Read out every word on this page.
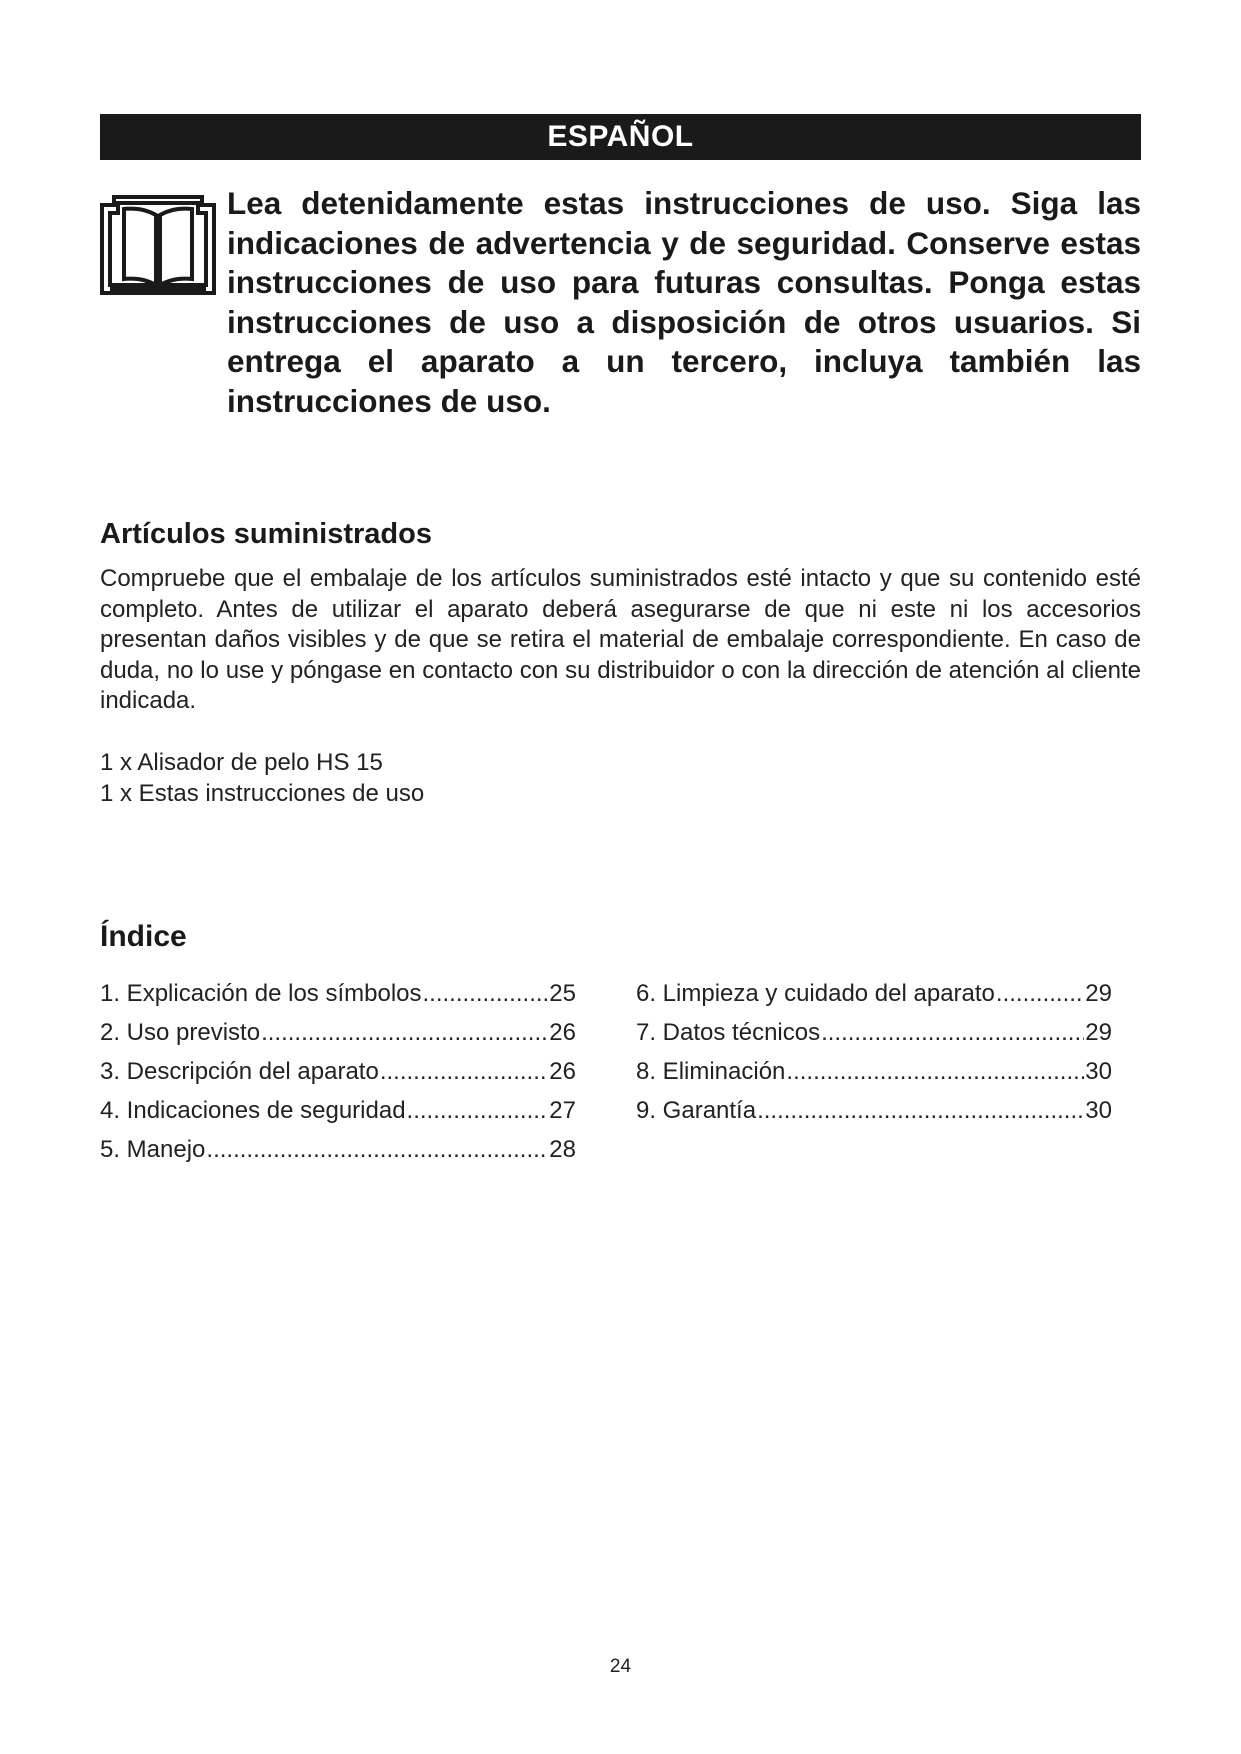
ESPAÑOL

Lea detenidamente estas instrucciones de uso. Siga las indicaciones de advertencia y de seguridad. Conserve estas instrucciones de uso para futuras consultas. Ponga estas instrucciones de uso a disposición de otros usuarios. Si entrega el aparato a un tercero, incluya también las instrucciones de uso.

Artículos suministrados

Compruebe que el embalaje de los artículos suministrados esté intacto y que su contenido esté completo. Antes de utilizar el aparato deberá asegurarse de que ni este ni los accesorios presentan daños visibles y de que se retira el material de embalaje correspondiente. En caso de duda, no lo use y póngase en contacto con su distribuidor o con la dirección de atención al cliente indicada.

1 x Alisador de pelo HS 15
1 x Estas instrucciones de uso
Índice
1. Explicación de los símbolos .....	25
2. Uso previsto .....	26
3. Descripción del aparato .....	26
4. Indicaciones de seguridad .....	27
5. Manejo .....	28
6. Limpieza y cuidado del aparato .....	29
7. Datos técnicos .....	29
8. Eliminación .....	30
9. Garantía .....	30
24
